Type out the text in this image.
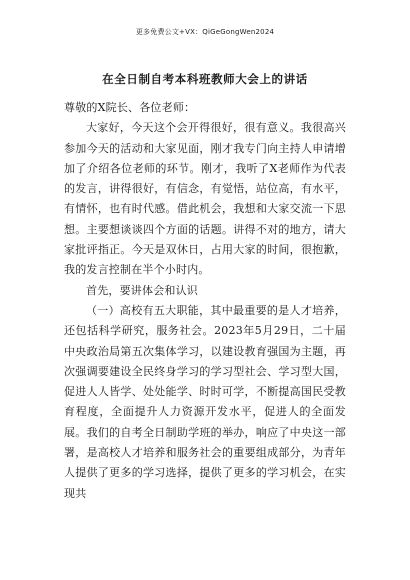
更多免费公文+VX：QiGeGongWen2024
在全日制自考本科班教师大会上的讲话

尊敬的X院长、各位老师：

大家好，今天这个会开得很好，很有意义。我很高兴参加今天的活动和大家见面，刚才我专门向主持人申请增加了介绍各位老师的环节。刚才，我听了X老师作为代表的发言，讲得很好，有信念，有觉悟，站位高，有水平，有情怀，也有时代感。借此机会，我想和大家交流一下思想。主要想谈谈四个方面的话题。讲得不对的地方，请大家批评指正。今天是双休日，占用大家的时间，很抱歉，我的发言控制在半个小时内。

首先，要讲体会和认识

（一）高校有五大职能，其中最重要的是人才培养，还包括科学研究，服务社会。2023年5月29日，二十届中央政治局第五次集体学习，以建设教育强国为主题，再次强调要建设全民终身学习的学习型社会、学习型大国，促进人人皆学、处处能学、时时可学，不断提高国民受教育程度，全面提升人力资源开发水平，促进人的全面发展。我们的自考全日制助学班的举办，响应了中央这一部署，是高校人才培养和服务社会的重要组成部分，为青年人提供了更多的学习选择，提供了更多的学习机会，在实现共
